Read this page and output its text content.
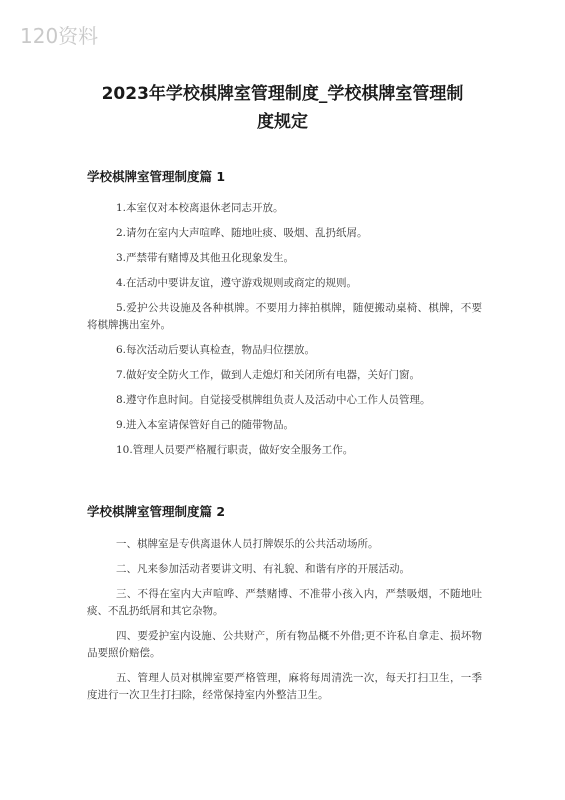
120资料
2023年学校棋牌室管理制度_学校棋牌室管理制
度规定
学校棋牌室管理制度篇 1

1.本室仅对本校离退休老同志开放。

2.请勿在室内大声喧哗、随地吐痰、吸烟、乱扔纸屑。

3.严禁带有赌博及其他丑化现象发生。

4.在活动中要讲友谊，遵守游戏规则或商定的规则。

5.爱护公共设施及各种棋牌。不要用力摔拍棋牌，随便搬动桌椅、棋牌，不要将棋牌携出室外。

6.每次活动后要认真检查，物品归位摆放。

7.做好安全防火工作，做到人走熄灯和关闭所有电器，关好门窗。

8.遵守作息时间。自觉接受棋牌组负责人及活动中心工作人员管理。

9.进入本室请保管好自己的随带物品。

10.管理人员要严格履行职责，做好安全服务工作。

学校棋牌室管理制度篇 2

一、棋牌室是专供离退休人员打牌娱乐的公共活动场所。

二、凡来参加活动者要讲文明、有礼貌、和谐有序的开展活动。

三、不得在室内大声喧哗、严禁赌博、不准带小孩入内，严禁吸烟，不随地吐痰、不乱扔纸屑和其它杂物。

四、要爱护室内设施、公共财产，所有物品概不外借;更不许私自拿走、损坏物品要照价赔偿。

五、管理人员对棋牌室要严格管理，麻将每周清洗一次，每天打扫卫生，一季度进行一次卫生打扫除，经常保持室内外整洁卫生。
